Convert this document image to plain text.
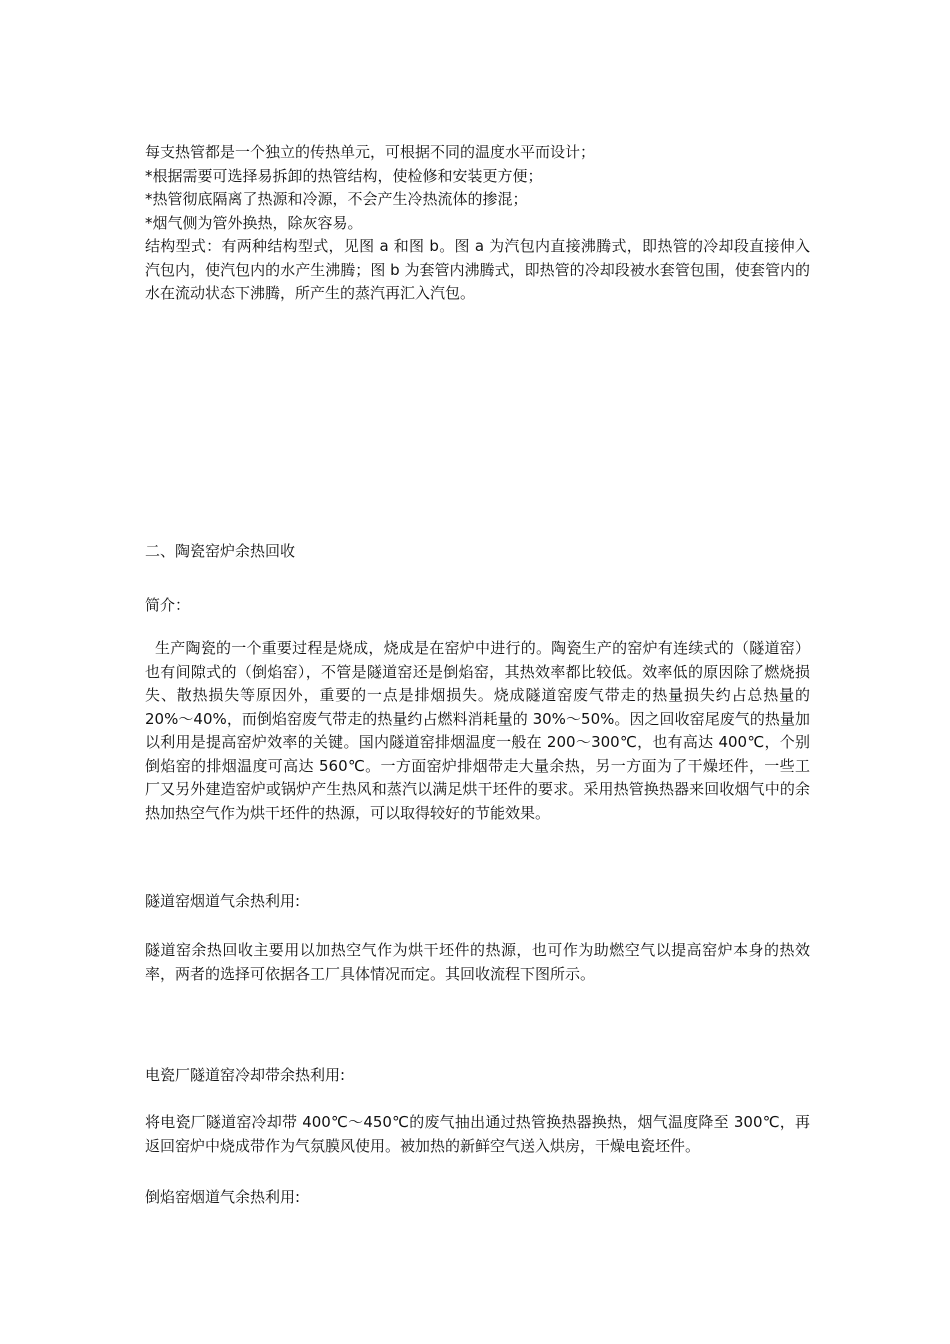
每支热管都是一个独立的传热单元，可根据不同的温度水平而设计；
*根据需要可选择易拆卸的热管结构，使检修和安装更方便；
*热管彻底隔离了热源和冷源，不会产生冷热流体的掺混；
*烟气侧为管外换热，除灰容易。

结构型式：有两种结构型式，见图 a 和图 b。图 a 为汽包内直接沸腾式，即热管的冷却段直接伸入汽包内，使汽包内的水产生沸腾；图 b 为套管内沸腾式，即热管的冷却段被水套管包围，使套管内的水在流动状态下沸腾，所产生的蒸汽再汇入汽包。

二、陶瓷窑炉余热回收

简介：

生产陶瓷的一个重要过程是烧成，烧成是在窑炉中进行的。陶瓷生产的窑炉有连续式的（隧道窑）也有间隙式的（倒焰窑），不管是隧道窑还是倒焰窑，其热效率都比较低。效率低的原因除了燃烧损失、散热损失等原因外，重要的一点是排烟损失。烧成隧道窑废气带走的热量损失约占总热量的 20%～40%，而倒焰窑废气带走的热量约占燃料消耗量的 30%～50%。因之回收窑尾废气的热量加以利用是提高窑炉效率的关键。国内隧道窑排烟温度一般在 200～300℃，也有高达 400℃，个别倒焰窑的排烟温度可高达 560℃。一方面窑炉排烟带走大量余热，另一方面为了干燥坯件，一些工厂又另外建造窑炉或锅炉产生热风和蒸汽以满足烘干坯件的要求。采用热管换热器来回收烟气中的余热加热空气作为烘干坯件的热源，可以取得较好的节能效果。

隧道窑烟道气余热利用:

隧道窑余热回收主要用以加热空气作为烘干坯件的热源，也可作为助燃空气以提高窑炉本身的热效率，两者的选择可依据各工厂具体情况而定。其回收流程下图所示。

电瓷厂隧道窑冷却带余热利用:

将电瓷厂隧道窑冷却带 400℃～450℃的废气抽出通过热管换热器换热，烟气温度降至 300℃，再返回窑炉中烧成带作为气氛膜风使用。被加热的新鲜空气送入烘房，干燥电瓷坯件。

倒焰窑烟道气余热利用:
